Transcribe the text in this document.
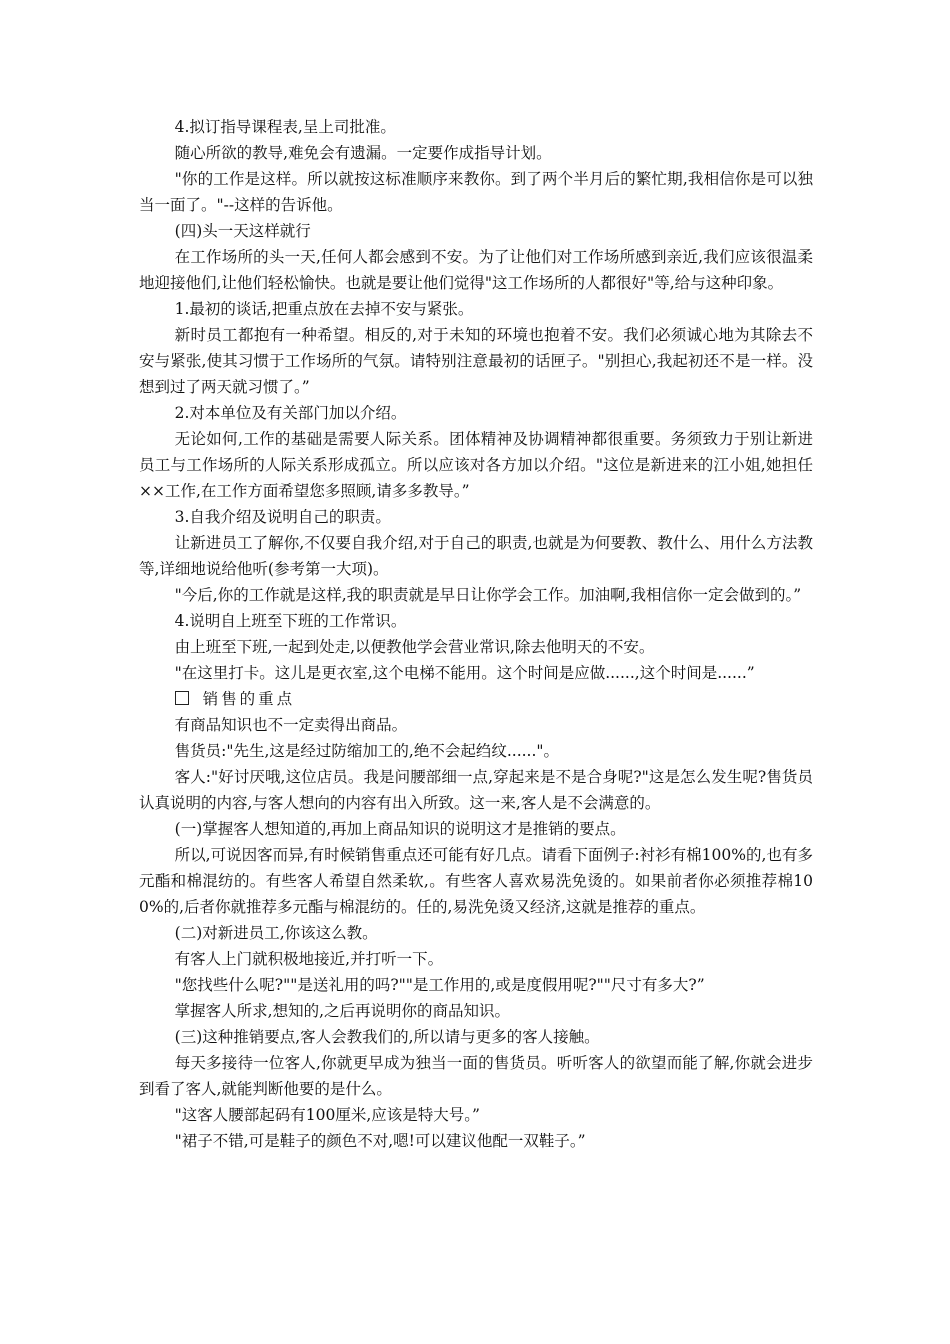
4.拟订指导课程表,呈上司批准。

随心所欲的教导,难免会有遗漏。一定要作成指导计划。

"你的工作是这样。所以就按这标准顺序来教你。到了两个半月后的繁忙期,我相信你是可以独当一面了。"--这样的告诉他。

(四)头一天这样就行

在工作场所的头一天,任何人都会感到不安。为了让他们对工作场所感到亲近,我们应该很温柔地迎接他们,让他们轻松愉快。也就是要让他们觉得"这工作场所的人都很好"等,给与这种印象。

1.最初的谈话,把重点放在去掉不安与紧张。

新时员工都抱有一种希望。相反的,对于未知的环境也抱着不安。我们必须诚心地为其除去不安与紧张,使其习惯于工作场所的气氛。请特别注意最初的话匣子。"别担心,我起初还不是一样。没想到过了两天就习惯了。”

2.对本单位及有关部门加以介绍。

无论如何,工作的基础是需要人际关系。团体精神及协调精神都很重要。务须致力于别让新进员工与工作场所的人际关系形成孤立。所以应该对各方加以介绍。"这位是新进来的江小姐,她担任××工作,在工作方面希望您多照顾,请多多教导。”

3.自我介绍及说明自己的职责。

让新进员工了解你,不仅要自我介绍,对于自己的职责,也就是为何要教、教什么、用什么方法教等,详细地说给他听(参考第一大项)。

"今后,你的工作就是这样,我的职责就是早日让你学会工作。加油啊,我相信你一定会做到的。”

4.说明自上班至下班的工作常识。

由上班至下班,一起到处走,以便教他学会营业常识,除去他明天的不安。

"在这里打卡。这儿是更衣室,这个电梯不能用。这个时间是应做......,这个时间是......”

销售的重点

有商品知识也不一定卖得出商品。

售货员:"先生,这是经过防缩加工的,绝不会起绉纹......"。

客人:"好讨厌哦,这位店员。我是问腰部细一点,穿起来是不是合身呢?"这是怎么发生呢?售货员认真说明的内容,与客人想向的内容有出入所致。这一来,客人是不会满意的。

(一)掌握客人想知道的,再加上商品知识的说明这才是推销的要点。

所以,可说因客而异,有时候销售重点还可能有好几点。请看下面例子:衬衫有棉100%的,也有多元酯和棉混纺的。有些客人希望自然柔软,。有些客人喜欢易洗免烫的。如果前者你必须推荐棉100%的,后者你就推荐多元酯与棉混纺的。任的,易洗免烫又经济,这就是推荐的重点。

(二)对新进员工,你该这么教。

有客人上门就积极地接近,并打听一下。

"您找些什么呢?""是送礼用的吗?""是工作用的,或是度假用呢?""尺寸有多大?”

掌握客人所求,想知的,之后再说明你的商品知识。

(三)这种推销要点,客人会教我们的,所以请与更多的客人接触。

每天多接待一位客人,你就更早成为独当一面的售货员。听听客人的欲望而能了解,你就会进步到看了客人,就能判断他要的是什么。

"这客人腰部起码有100厘米,应该是特大号。”

"裙子不错,可是鞋子的颜色不对,嗯!可以建议他配一双鞋子。”
